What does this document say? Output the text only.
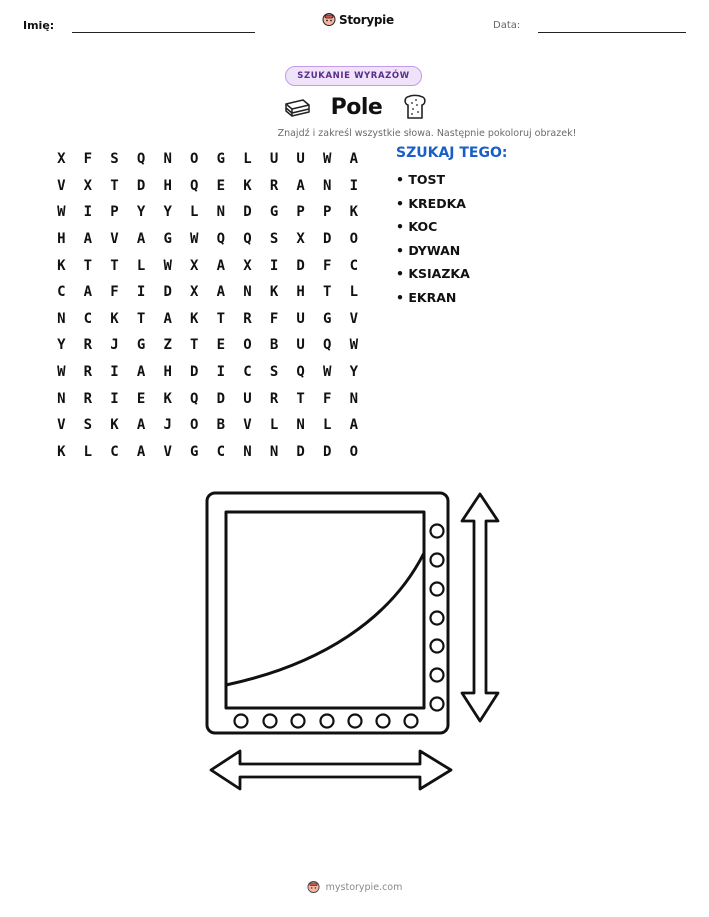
Imię:	Storypie	Data:
SZUKANIE WYRAZÓW
Pole
Znajdź i zakreśl wszystkie słowa. Następnie pokoloruj obrazek!
X	F	S	Q	N	O	G	L	U	U	W	A
V	X	T	D	H	Q	E	K	R	A	N	I
W	I	P	Y	Y	L	N	D	G	P	P	K
H	A	V	A	G	W	Q	Q	S	X	D	O
K	T	T	L	W	X	A	X	I	D	F	C
C	A	F	I	D	X	A	N	K	H	T	L
N	C	K	T	A	K	T	R	F	U	G	V
Y	R	J	G	Z	T	E	O	B	U	Q	W
W	R	I	A	H	D	I	C	S	Q	W	Y
N	R	I	E	K	Q	D	U	R	T	F	N
V	S	K	A	J	O	B	V	L	N	L	A
K	L	C	A	V	G	C	N	N	D	D	O
SZUKAJ TEGO:
• TOST
• KREDKA
• KOC
• DYWAN
• KSIAZKA
• EKRAN
mystorypie.com
